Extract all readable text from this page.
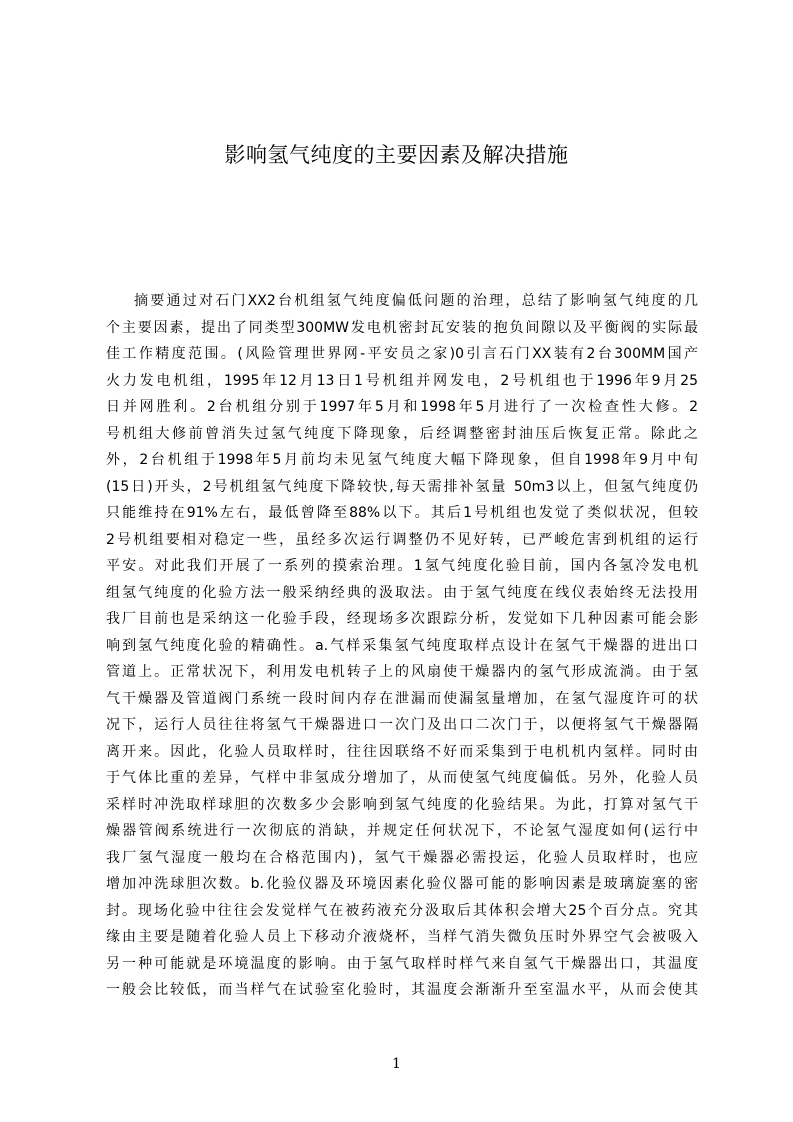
影响氢气纯度的主要因素及解决措施
摘要通过对石门XX2台机组氢气纯度偏低问题的治理，总结了影响氢气纯度的几
个主要因素，提出了同类型300MW发电机密封瓦安装的抱负间隙以及平衡阀的实际最
佳工作精度范围。(风险管理世界网-平安员之家)0引言石门XX装有2台300MM国产
火力发电机组，1995年12月13日1号机组并网发电，2号机组也于1996年9月25
日并网胜利。2台机组分别于1997年5月和1998年5月进行了一次检查性大修。2
号机组大修前曾消失过氢气纯度下降现象，后经调整密封油压后恢复正常。除此之
外，2台机组于1998年5月前均未见氢气纯度大幅下降现象，但自1998年9月中旬
(15日)开头，2号机组氢气纯度下降较快,每天需排补氢量 50m3以上，但氢气纯度仍
只能维持在91%左右，最低曾降至88%以下。其后1号机组也发觉了类似状况，但较
2号机组要相对稳定一些，虽经多次运行调整仍不见好转，已严峻危害到机组的运行
平安。对此我们开展了一系列的摸索治理。1氢气纯度化验目前，国内各氢冷发电机
组氢气纯度的化验方法一般采纳经典的汲取法。由于氢气纯度在线仪表始终无法投用
我厂目前也是采纳这一化验手段，经现场多次跟踪分析，发觉如下几种因素可能会影
响到氢气纯度化验的精确性。a.气样采集氢气纯度取样点设计在氢气干燥器的进出口
管道上。正常状况下，利用发电机转子上的风扇使干燥器内的氢气形成流淌。由于氢
气干燥器及管道阀门系统一段时间内存在泄漏而使漏氢量增加，在氢气湿度许可的状
况下，运行人员往往将氢气干燥器进口一次门及出口二次门于，以便将氢气干燥器隔
离开来。因此，化验人员取样时，往往因联络不好而采集到于电机机内氢样。同时由
于气体比重的差异，气样中非氢成分增加了，从而使氢气纯度偏低。另外，化验人员
采样时冲洗取样球胆的次数多少会影响到氢气纯度的化验结果。为此，打算对氢气干
燥器管阀系统进行一次彻底的消缺，并规定任何状况下，不论氢气湿度如何(运行中
我厂氢气湿度一般均在合格范围内)，氢气干燥器必需投运，化验人员取样时，也应
增加冲洗球胆次数。b.化验仪器及环境因素化验仪器可能的影响因素是玻璃旋塞的密
封。现场化验中往往会发觉样气在被药液充分汲取后其体积会增大25个百分点。究其
缘由主要是随着化验人员上下移动介液烧杯，当样气消失微负压时外界空气会被吸入
另一种可能就是环境温度的影响。由于氢气取样时样气来自氢气干燥器出口，其温度
一般会比较低，而当样气在试验室化验时，其温度会渐渐升至室温水平，从而会使其
1
